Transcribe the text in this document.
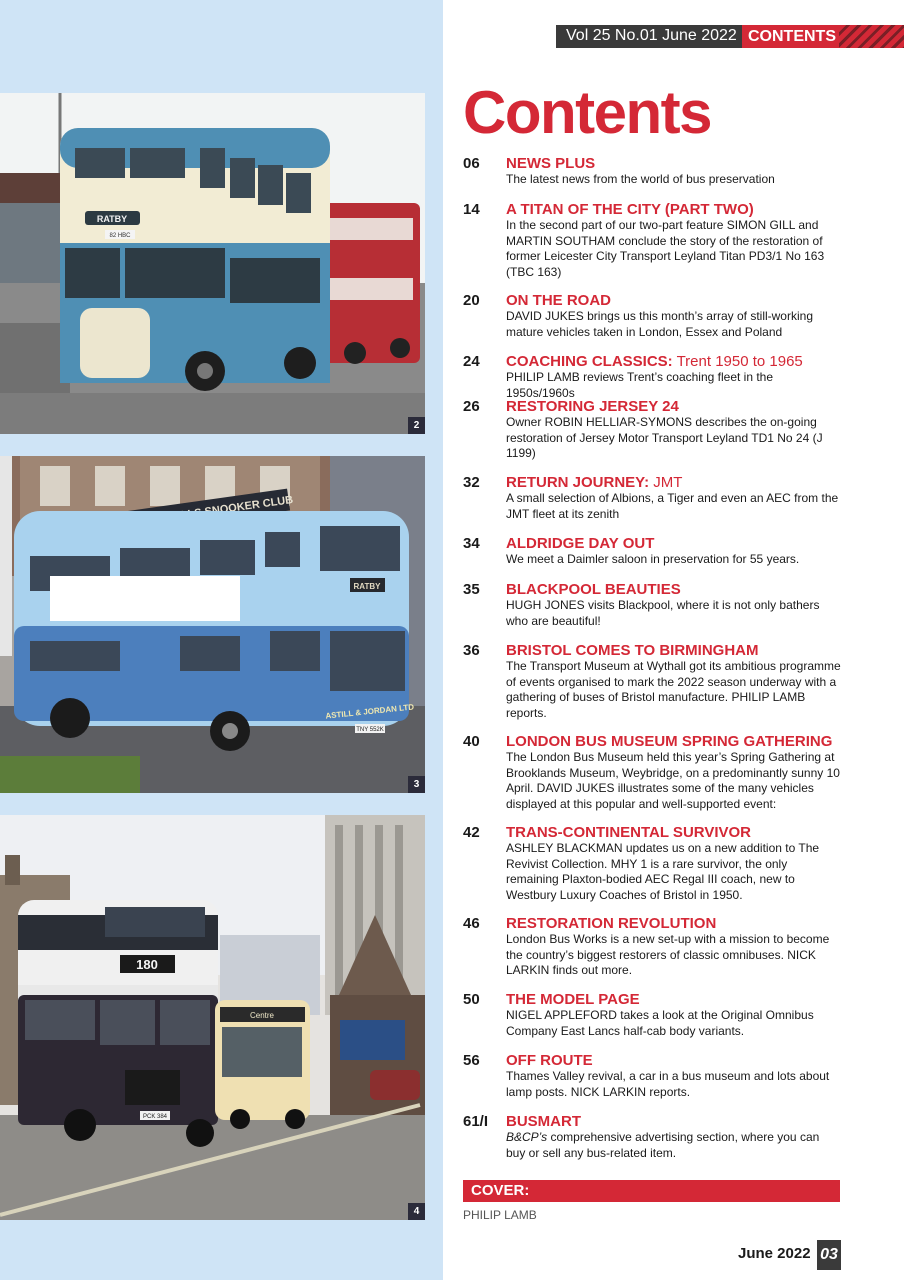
RATBY
82 HBC
2
RATBY
ASTILL & JORDAN LTD
TNY 552K
3
180
PCK 384
Centre
4
Vol 25 No.01 June 2022 CONTENTS
Contents
06 NEWS PLUS
The latest news from the world of bus preservation
14 A TITAN OF THE CITY (PART TWO)
In the second part of our two-part feature SIMON GILL and MARTIN SOUTHAM conclude the story of the restoration of former Leicester City Transport Leyland Titan PD3/1 No 163 (TBC 163)
20 ON THE ROAD
DAVID JUKES brings us this month’s array of still-working mature vehicles taken in London, Essex and Poland
24 COACHING CLASSICS: Trent 1950 to 1965
PHILIP LAMB reviews Trent’s coaching fleet in the 1950s/1960s
26 RESTORING JERSEY 24
Owner ROBIN HELLIAR-SYMONS describes the on-going restoration of Jersey Motor Transport Leyland TD1 No 24 (J 1199)
32 RETURN JOURNEY: JMT
A small selection of Albions, a Tiger and even an AEC from the JMT fleet at its zenith
34 ALDRIDGE DAY OUT
We meet a Daimler saloon in preservation for 55 years.
35 BLACKPOOL BEAUTIES
HUGH JONES visits Blackpool, where it is not only bathers who are beautiful!
36 BRISTOL COMES TO BIRMINGHAM
The Transport Museum at Wythall got its ambitious programme of events organised to mark the 2022 season underway with a gathering of buses of Bristol manufacture. PHILIP LAMB reports.
40 LONDON BUS MUSEUM SPRING GATHERING
The London Bus Museum held this year’s Spring Gathering at Brooklands Museum, Weybridge, on a predominantly sunny 10 April. DAVID JUKES illustrates some of the many vehicles displayed at this popular and well-supported event:
42 TRANS-CONTINENTAL SURVIVOR
ASHLEY BLACKMAN updates us on a new addition to The Revivist Collection. MHY 1 is a rare survivor, the only remaining Plaxton-bodied AEC Regal III coach, new to Westbury Luxury Coaches of Bristol in 1950.
46 RESTORATION REVOLUTION
London Bus Works is a new set-up with a mission to become the country’s biggest restorers of classic omnibuses. NICK LARKIN finds out more.
50 THE MODEL PAGE
NIGEL APPLEFORD takes a look at the Original Omnibus Company East Lancs half-cab body variants.
56 OFF ROUTE
Thames Valley revival, a car in a bus museum and lots about lamp posts. NICK LARKIN reports.
61/I BUSMART
B&CP’s comprehensive advertising section, where you can buy or sell any bus-related item.
COVER:
PHILIP LAMB
June 2022 03
